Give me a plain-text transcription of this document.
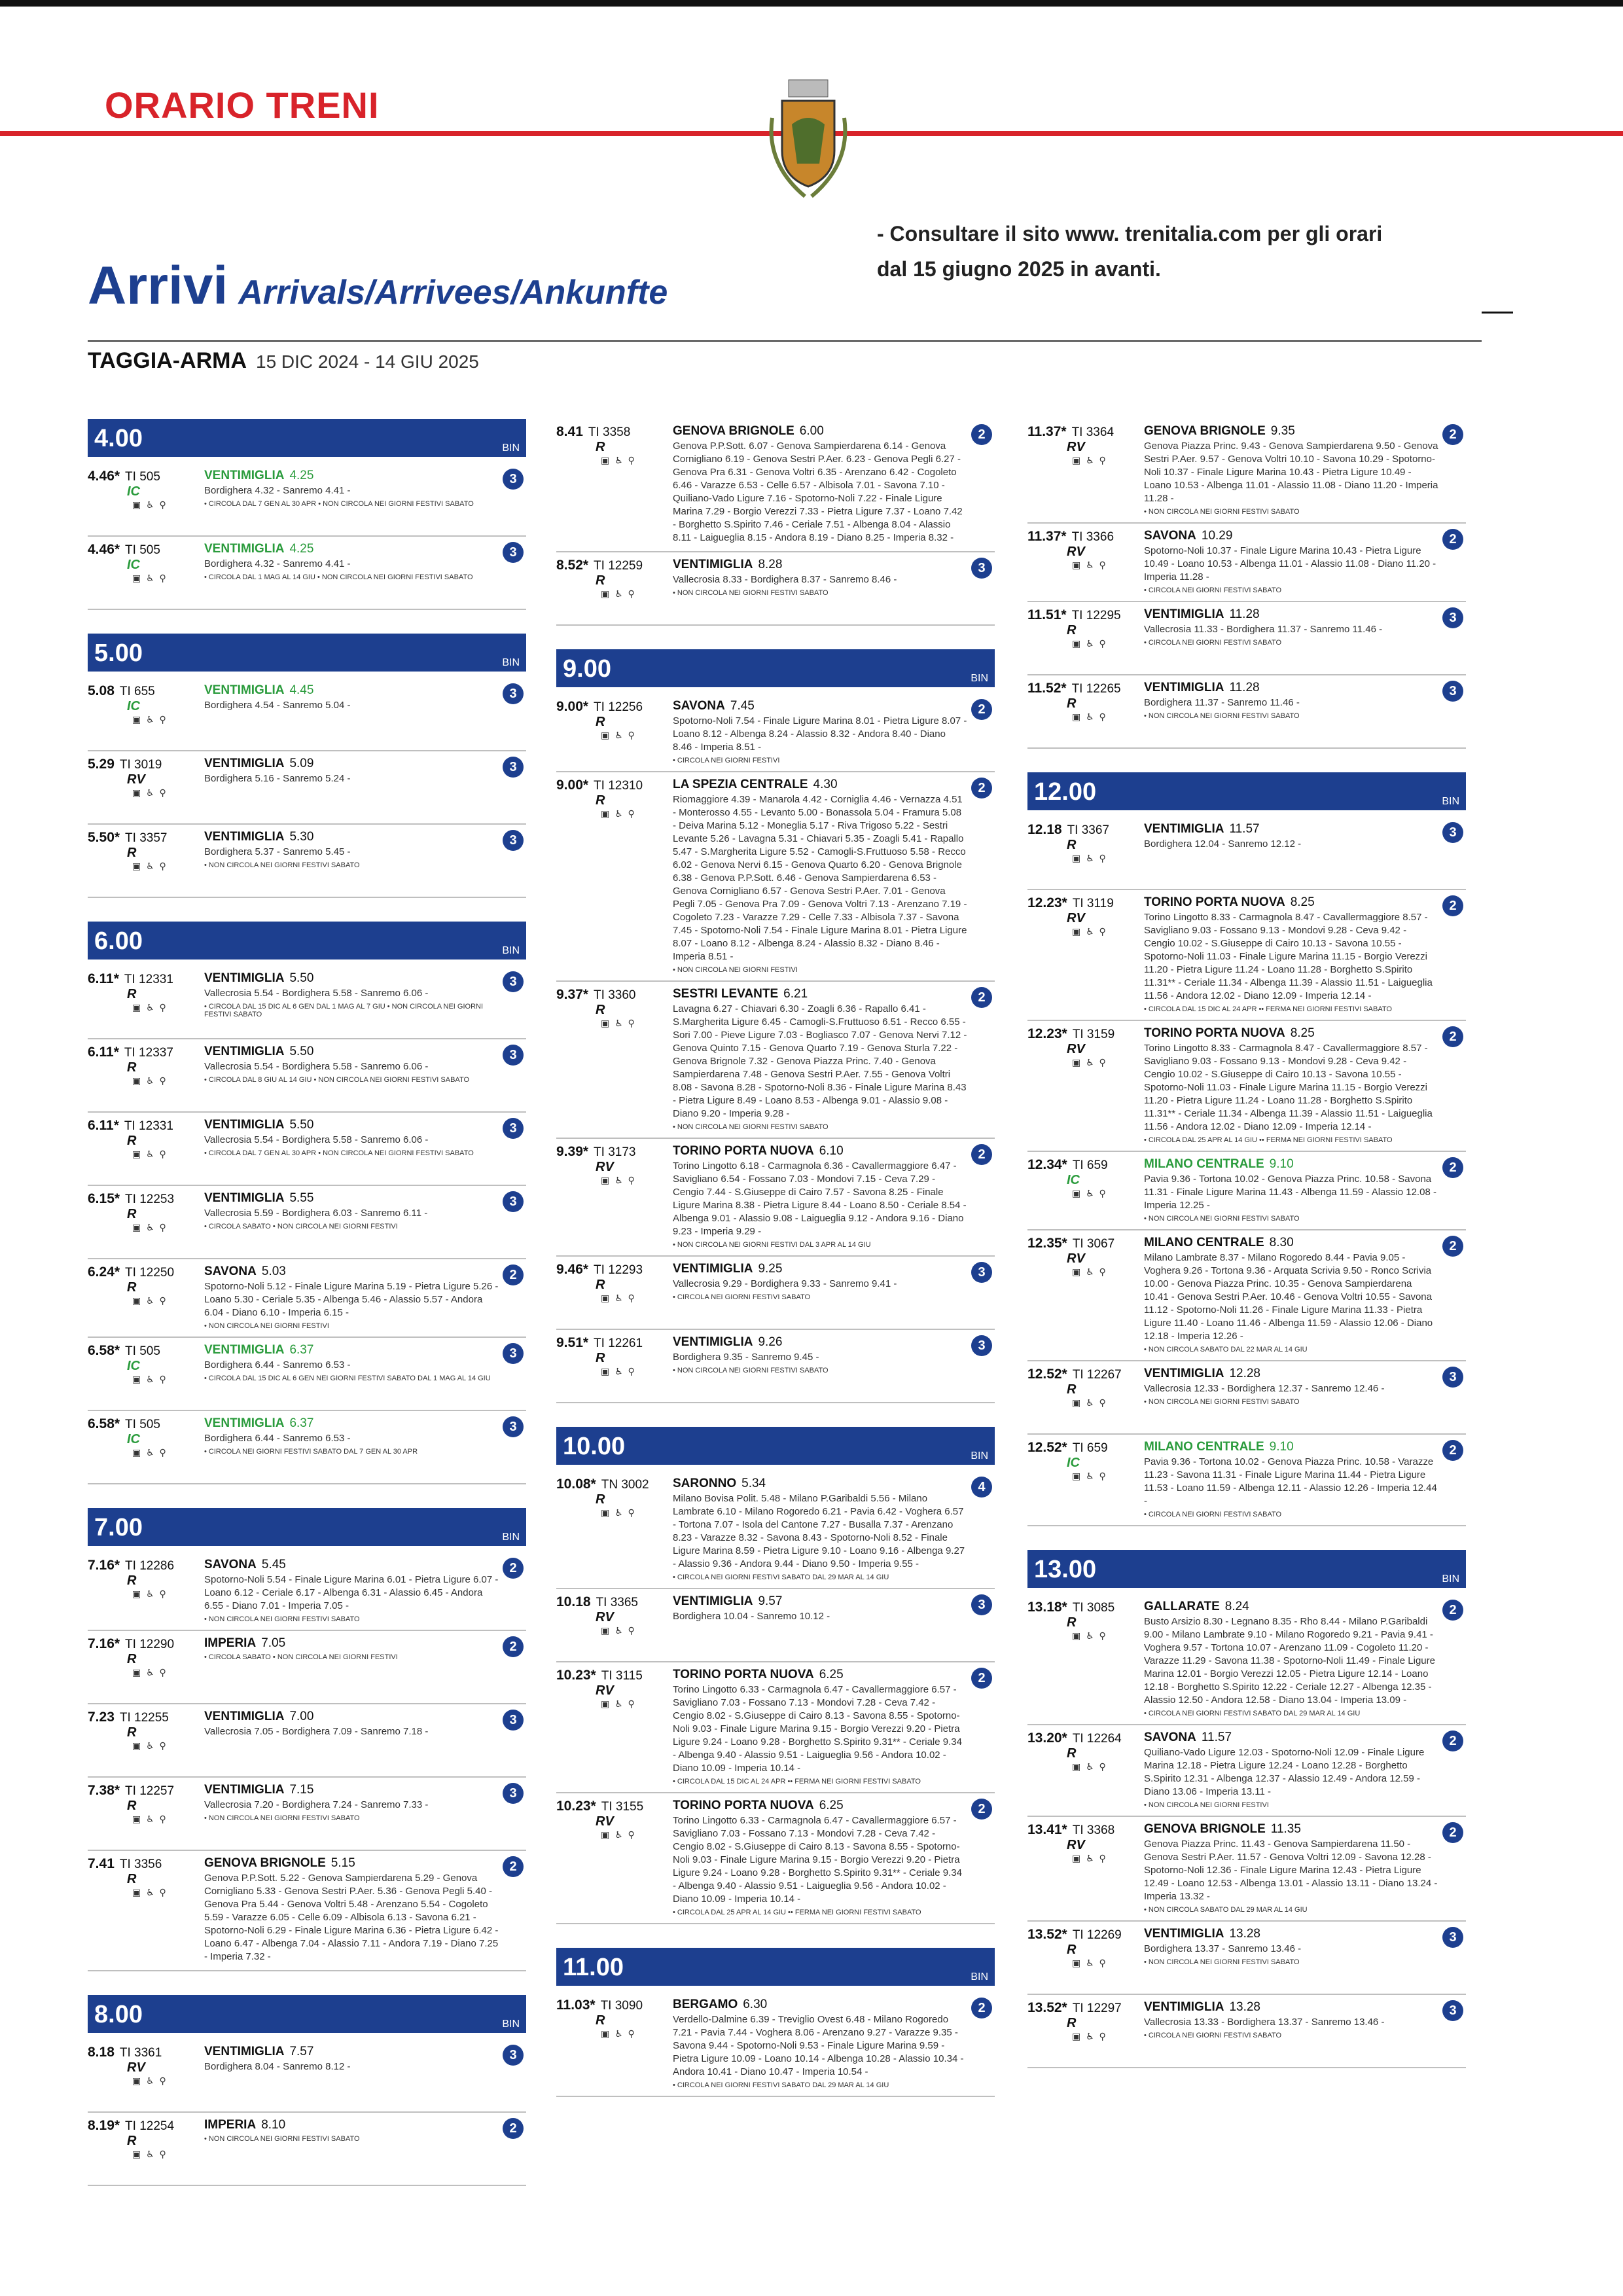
ORARIO TRENI
- Consultare il sito www. trenitalia.com per gli orari
dal 15 giugno 2025 in avanti.
Arrivi Arrivals/Arrivees/Ankunfte
TAGGIA-ARMA 15 DIC 2024 - 14 GIU 2025
4.00	BIN
4.46* TI 505
IC
▣ ♿ ⚲
VENTIMIGLIA 4.25
Bordighera 4.32 - Sanremo 4.41 -
• CIRCOLA DAL 7 GEN AL 30 APR • NON CIRCOLA NEI GIORNI FESTIVI SABATO
3
4.46* TI 505
IC
▣ ♿ ⚲
VENTIMIGLIA 4.25
Bordighera 4.32 - Sanremo 4.41 -
• CIRCOLA DAL 1 MAG AL 14 GIU • NON CIRCOLA NEI GIORNI FESTIVI SABATO
3
5.00	BIN
5.08 TI 655
IC
▣ ♿ ⚲
VENTIMIGLIA 4.45
Bordighera 4.54 - Sanremo 5.04 -
3
5.29 TI 3019
RV
▣ ♿ ⚲
VENTIMIGLIA 5.09
Bordighera 5.16 - Sanremo 5.24 -
3
5.50* TI 3357
R
▣ ♿ ⚲
VENTIMIGLIA 5.30
Bordighera 5.37 - Sanremo 5.45 -
• NON CIRCOLA NEI GIORNI FESTIVI SABATO
3
6.00	BIN
6.11* TI 12331
R
▣ ♿ ⚲
VENTIMIGLIA 5.50
Vallecrosia 5.54 - Bordighera 5.58 - Sanremo 6.06 -
• CIRCOLA DAL 15 DIC AL 6 GEN DAL 1 MAG AL 7 GIU • NON CIRCOLA NEI GIORNI FESTIVI SABATO
3
6.11* TI 12337
R
▣ ♿ ⚲
VENTIMIGLIA 5.50
Vallecrosia 5.54 - Bordighera 5.58 - Sanremo 6.06 -
• CIRCOLA DAL 8 GIU AL 14 GIU • NON CIRCOLA NEI GIORNI FESTIVI SABATO
3
6.11* TI 12331
R
▣ ♿ ⚲
VENTIMIGLIA 5.50
Vallecrosia 5.54 - Bordighera 5.58 - Sanremo 6.06 -
• CIRCOLA DAL 7 GEN AL 30 APR • NON CIRCOLA NEI GIORNI FESTIVI SABATO
3
6.15* TI 12253
R
▣ ♿ ⚲
VENTIMIGLIA 5.55
Vallecrosia 5.59 - Bordighera 6.03 - Sanremo 6.11 -
• CIRCOLA SABATO • NON CIRCOLA NEI GIORNI FESTIVI
3
6.24* TI 12250
R
▣ ♿ ⚲
SAVONA 5.03
Spotorno-Noli 5.12 - Finale Ligure Marina 5.19 - Pietra Ligure 5.26 - Loano 5.30 - Ceriale 5.35 - Albenga 5.46 - Alassio 5.57 - Andora 6.04 - Diano 6.10 - Imperia 6.15 -
• NON CIRCOLA NEI GIORNI FESTIVI
2
6.58* TI 505
IC
▣ ♿ ⚲
VENTIMIGLIA 6.37
Bordighera 6.44 - Sanremo 6.53 -
• CIRCOLA DAL 15 DIC AL 6 GEN NEI GIORNI FESTIVI SABATO DAL 1 MAG AL 14 GIU
3
6.58* TI 505
IC
▣ ♿ ⚲
VENTIMIGLIA 6.37
Bordighera 6.44 - Sanremo 6.53 -
• CIRCOLA NEI GIORNI FESTIVI SABATO DAL 7 GEN AL 30 APR
3
7.00	BIN
7.16* TI 12286
R
▣ ♿ ⚲
SAVONA 5.45
Spotorno-Noli 5.54 - Finale Ligure Marina 6.01 - Pietra Ligure 6.07 - Loano 6.12 - Ceriale 6.17 - Albenga 6.31 - Alassio 6.45 - Andora 6.55 - Diano 7.01 - Imperia 7.05 -
• NON CIRCOLA NEI GIORNI FESTIVI SABATO
2
7.16* TI 12290
R
▣ ♿ ⚲
IMPERIA 7.05
• CIRCOLA SABATO • NON CIRCOLA NEI GIORNI FESTIVI
2
7.23 TI 12255
R
▣ ♿ ⚲
VENTIMIGLIA 7.00
Vallecrosia 7.05 - Bordighera 7.09 - Sanremo 7.18 -
3
7.38* TI 12257
R
▣ ♿ ⚲
VENTIMIGLIA 7.15
Vallecrosia 7.20 - Bordighera 7.24 - Sanremo 7.33 -
• NON CIRCOLA NEI GIORNI FESTIVI SABATO
3
7.41 TI 3356
R
▣ ♿ ⚲
GENOVA BRIGNOLE 5.15
Genova P.P.Sott. 5.22 - Genova Sampierdarena 5.29 - Genova Cornigliano 5.33 - Genova Sestri P.Aer. 5.36 - Genova Pegli 5.40 - Genova Pra 5.44 - Genova Voltri 5.48 - Arenzano 5.54 - Cogoleto 5.59 - Varazze 6.05 - Celle 6.09 - Albisola 6.13 - Savona 6.21 - Spotorno-Noli 6.29 - Finale Ligure Marina 6.36 - Pietra Ligure 6.42 - Loano 6.47 - Albenga 7.04 - Alassio 7.11 - Andora 7.19 - Diano 7.25 - Imperia 7.32 -
2
8.00	BIN
8.18 TI 3361
RV
▣ ♿ ⚲
VENTIMIGLIA 7.57
Bordighera 8.04 - Sanremo 8.12 -
3
8.19* TI 12254
R
▣ ♿ ⚲
IMPERIA 8.10
• NON CIRCOLA NEI GIORNI FESTIVI SABATO
2
8.41 TI 3358
R
▣ ♿ ⚲
GENOVA BRIGNOLE 6.00
Genova P.P.Sott. 6.07 - Genova Sampierdarena 6.14 - Genova Cornigliano 6.19 - Genova Sestri P.Aer. 6.23 - Genova Pegli 6.27 - Genova Pra 6.31 - Genova Voltri 6.35 - Arenzano 6.42 - Cogoleto 6.46 - Varazze 6.53 - Celle 6.57 - Albisola 7.01 - Savona 7.10 - Quiliano-Vado Ligure 7.16 - Spotorno-Noli 7.22 - Finale Ligure Marina 7.29 - Borgio Verezzi 7.33 - Pietra Ligure 7.37 - Loano 7.42 - Borghetto S.Spirito 7.46 - Ceriale 7.51 - Albenga 8.04 - Alassio 8.11 - Laigueglia 8.15 - Andora 8.19 - Diano 8.25 - Imperia 8.32 -
2
8.52* TI 12259
R
▣ ♿ ⚲
VENTIMIGLIA 8.28
Vallecrosia 8.33 - Bordighera 8.37 - Sanremo 8.46 -
• NON CIRCOLA NEI GIORNI FESTIVI SABATO
3
9.00	BIN
9.00* TI 12256
R
▣ ♿ ⚲
SAVONA 7.45
Spotorno-Noli 7.54 - Finale Ligure Marina 8.01 - Pietra Ligure 8.07 - Loano 8.12 - Albenga 8.24 - Alassio 8.32 - Andora 8.40 - Diano 8.46 - Imperia 8.51 -
• CIRCOLA NEI GIORNI FESTIVI
2
9.00* TI 12310
R
▣ ♿ ⚲
LA SPEZIA CENTRALE 4.30
Riomaggiore 4.39 - Manarola 4.42 - Corniglia 4.46 - Vernazza 4.51 - Monterosso 4.55 - Levanto 5.00 - Bonassola 5.04 - Framura 5.08 - Deiva Marina 5.12 - Moneglia 5.17 - Riva Trigoso 5.22 - Sestri Levante 5.26 - Lavagna 5.31 - Chiavari 5.35 - Zoagli 5.41 - Rapallo 5.47 - S.Margherita Ligure 5.52 - Camogli-S.Fruttuoso 5.58 - Recco 6.02 - Genova Nervi 6.15 - Genova Quarto 6.20 - Genova Brignole 6.38 - Genova P.P.Sott. 6.46 - Genova Sampierdarena 6.53 - Genova Cornigliano 6.57 - Genova Sestri P.Aer. 7.01 - Genova Pegli 7.05 - Genova Pra 7.09 - Genova Voltri 7.13 - Arenzano 7.19 - Cogoleto 7.23 - Varazze 7.29 - Celle 7.33 - Albisola 7.37 - Savona 7.45 - Spotorno-Noli 7.54 - Finale Ligure Marina 8.01 - Pietra Ligure 8.07 - Loano 8.12 - Albenga 8.24 - Alassio 8.32 - Diano 8.46 - Imperia 8.51 -
• NON CIRCOLA NEI GIORNI FESTIVI
2
9.37* TI 3360
R
▣ ♿ ⚲
SESTRI LEVANTE 6.21
Lavagna 6.27 - Chiavari 6.30 - Zoagli 6.36 - Rapallo 6.41 - S.Margherita Ligure 6.45 - Camogli-S.Fruttuoso 6.51 - Recco 6.55 - Sori 7.00 - Pieve Ligure 7.03 - Bogliasco 7.07 - Genova Nervi 7.12 - Genova Quinto 7.15 - Genova Quarto 7.19 - Genova Sturla 7.22 - Genova Brignole 7.32 - Genova Piazza Princ. 7.40 - Genova Sampierdarena 7.48 - Genova Sestri P.Aer. 7.55 - Genova Voltri 8.08 - Savona 8.28 - Spotorno-Noli 8.36 - Finale Ligure Marina 8.43 - Pietra Ligure 8.49 - Loano 8.53 - Albenga 9.01 - Alassio 9.08 - Diano 9.20 - Imperia 9.28 -
• NON CIRCOLA NEI GIORNI FESTIVI SABATO
2
9.39* TI 3173
RV
▣ ♿ ⚲
TORINO PORTA NUOVA 6.10
Torino Lingotto 6.18 - Carmagnola 6.36 - Cavallermaggiore 6.47 - Savigliano 6.54 - Fossano 7.03 - Mondovi 7.15 - Ceva 7.29 - Cengio 7.44 - S.Giuseppe di Cairo 7.57 - Savona 8.25 - Finale Ligure Marina 8.38 - Pietra Ligure 8.44 - Loano 8.50 - Ceriale 8.54 - Albenga 9.01 - Alassio 9.08 - Laigueglia 9.12 - Andora 9.16 - Diano 9.23 - Imperia 9.29 -
• NON CIRCOLA NEI GIORNI FESTIVI DAL 3 APR AL 14 GIU
2
9.46* TI 12293
R
▣ ♿ ⚲
VENTIMIGLIA 9.25
Vallecrosia 9.29 - Bordighera 9.33 - Sanremo 9.41 -
• CIRCOLA NEI GIORNI FESTIVI SABATO
3
9.51* TI 12261
R
▣ ♿ ⚲
VENTIMIGLIA 9.26
Bordighera 9.35 - Sanremo 9.45 -
• NON CIRCOLA NEI GIORNI FESTIVI SABATO
3
10.00	BIN
10.08* TN 3002
R
▣ ♿ ⚲
SARONNO 5.34
Milano Bovisa Polit. 5.48 - Milano P.Garibaldi 5.56 - Milano Lambrate 6.10 - Milano Rogoredo 6.21 - Pavia 6.42 - Voghera 6.57 - Tortona 7.07 - Isola del Cantone 7.27 - Busalla 7.37 - Arenzano 8.23 - Varazze 8.32 - Savona 8.43 - Spotorno-Noli 8.52 - Finale Ligure Marina 8.59 - Pietra Ligure 9.10 - Loano 9.16 - Albenga 9.27 - Alassio 9.36 - Andora 9.44 - Diano 9.50 - Imperia 9.55 -
• CIRCOLA NEI GIORNI FESTIVI SABATO DAL 29 MAR AL 14 GIU
4
10.18 TI 3365
RV
▣ ♿ ⚲
VENTIMIGLIA 9.57
Bordighera 10.04 - Sanremo 10.12 -
3
10.23* TI 3115
RV
▣ ♿ ⚲
TORINO PORTA NUOVA 6.25
Torino Lingotto 6.33 - Carmagnola 6.47 - Cavallermaggiore 6.57 - Savigliano 7.03 - Fossano 7.13 - Mondovi 7.28 - Ceva 7.42 - Cengio 8.02 - S.Giuseppe di Cairo 8.13 - Savona 8.55 - Spotorno-Noli 9.03 - Finale Ligure Marina 9.15 - Borgio Verezzi 9.20 - Pietra Ligure 9.24 - Loano 9.28 - Borghetto S.Spirito 9.31** - Ceriale 9.34 - Albenga 9.40 - Alassio 9.51 - Laigueglia 9.56 - Andora 10.02 - Diano 10.09 - Imperia 10.14 -
• CIRCOLA DAL 15 DIC AL 24 APR •• FERMA NEI GIORNI FESTIVI SABATO
2
10.23* TI 3155
RV
▣ ♿ ⚲
TORINO PORTA NUOVA 6.25
Torino Lingotto 6.33 - Carmagnola 6.47 - Cavallermaggiore 6.57 - Savigliano 7.03 - Fossano 7.13 - Mondovi 7.28 - Ceva 7.42 - Cengio 8.02 - S.Giuseppe di Cairo 8.13 - Savona 8.55 - Spotorno-Noli 9.03 - Finale Ligure Marina 9.15 - Borgio Verezzi 9.20 - Pietra Ligure 9.24 - Loano 9.28 - Borghetto S.Spirito 9.31** - Ceriale 9.34 - Albenga 9.40 - Alassio 9.51 - Laigueglia 9.56 - Andora 10.02 - Diano 10.09 - Imperia 10.14 -
• CIRCOLA DAL 25 APR AL 14 GIU •• FERMA NEI GIORNI FESTIVI SABATO
2
11.00	BIN
11.03* TI 3090
R
▣ ♿ ⚲
BERGAMO 6.30
Verdello-Dalmine 6.39 - Treviglio Ovest 6.48 - Milano Rogoredo 7.21 - Pavia 7.44 - Voghera 8.06 - Arenzano 9.27 - Varazze 9.35 - Savona 9.44 - Spotorno-Noli 9.53 - Finale Ligure Marina 9.59 - Pietra Ligure 10.09 - Loano 10.14 - Albenga 10.28 - Alassio 10.34 - Andora 10.41 - Diano 10.47 - Imperia 10.54 -
• CIRCOLA NEI GIORNI FESTIVI SABATO DAL 29 MAR AL 14 GIU
2
11.37* TI 3364
RV
▣ ♿ ⚲
GENOVA BRIGNOLE 9.35
Genova Piazza Princ. 9.43 - Genova Sampierdarena 9.50 - Genova Sestri P.Aer. 9.57 - Genova Voltri 10.10 - Savona 10.29 - Spotorno-Noli 10.37 - Finale Ligure Marina 10.43 - Pietra Ligure 10.49 - Loano 10.53 - Albenga 11.01 - Alassio 11.08 - Diano 11.20 - Imperia 11.28 -
• NON CIRCOLA NEI GIORNI FESTIVI SABATO
2
11.37* TI 3366
RV
▣ ♿ ⚲
SAVONA 10.29
Spotorno-Noli 10.37 - Finale Ligure Marina 10.43 - Pietra Ligure 10.49 - Loano 10.53 - Albenga 11.01 - Alassio 11.08 - Diano 11.20 - Imperia 11.28 -
• CIRCOLA NEI GIORNI FESTIVI SABATO
2
11.51* TI 12295
R
▣ ♿ ⚲
VENTIMIGLIA 11.28
Vallecrosia 11.33 - Bordighera 11.37 - Sanremo 11.46 -
• CIRCOLA NEI GIORNI FESTIVI SABATO
3
11.52* TI 12265
R
▣ ♿ ⚲
VENTIMIGLIA 11.28
Bordighera 11.37 - Sanremo 11.46 -
• NON CIRCOLA NEI GIORNI FESTIVI SABATO
3
12.00	BIN
12.18 TI 3367
R
▣ ♿ ⚲
VENTIMIGLIA 11.57
Bordighera 12.04 - Sanremo 12.12 -
3
12.23* TI 3119
RV
▣ ♿ ⚲
TORINO PORTA NUOVA 8.25
Torino Lingotto 8.33 - Carmagnola 8.47 - Cavallermaggiore 8.57 - Savigliano 9.03 - Fossano 9.13 - Mondovi 9.28 - Ceva 9.42 - Cengio 10.02 - S.Giuseppe di Cairo 10.13 - Savona 10.55 - Spotorno-Noli 11.03 - Finale Ligure Marina 11.15 - Borgio Verezzi 11.20 - Pietra Ligure 11.24 - Loano 11.28 - Borghetto S.Spirito 11.31** - Ceriale 11.34 - Albenga 11.39 - Alassio 11.51 - Laigueglia 11.56 - Andora 12.02 - Diano 12.09 - Imperia 12.14 -
• CIRCOLA DAL 15 DIC AL 24 APR •• FERMA NEI GIORNI FESTIVI SABATO
2
12.23* TI 3159
RV
▣ ♿ ⚲
TORINO PORTA NUOVA 8.25
Torino Lingotto 8.33 - Carmagnola 8.47 - Cavallermaggiore 8.57 - Savigliano 9.03 - Fossano 9.13 - Mondovi 9.28 - Ceva 9.42 - Cengio 10.02 - S.Giuseppe di Cairo 10.13 - Savona 10.55 - Spotorno-Noli 11.03 - Finale Ligure Marina 11.15 - Borgio Verezzi 11.20 - Pietra Ligure 11.24 - Loano 11.28 - Borghetto S.Spirito 11.31** - Ceriale 11.34 - Albenga 11.39 - Alassio 11.51 - Laigueglia 11.56 - Andora 12.02 - Diano 12.09 - Imperia 12.14 -
• CIRCOLA DAL 25 APR AL 14 GIU •• FERMA NEI GIORNI FESTIVI SABATO
2
12.34* TI 659
IC
▣ ♿ ⚲
MILANO CENTRALE 9.10
Pavia 9.36 - Tortona 10.02 - Genova Piazza Princ. 10.58 - Savona 11.31 - Finale Ligure Marina 11.43 - Albenga 11.59 - Alassio 12.08 - Imperia 12.25 -
• NON CIRCOLA NEI GIORNI FESTIVI SABATO
2
12.35* TI 3067
RV
▣ ♿ ⚲
MILANO CENTRALE 8.30
Milano Lambrate 8.37 - Milano Rogoredo 8.44 - Pavia 9.05 - Voghera 9.26 - Tortona 9.36 - Arquata Scrivia 9.50 - Ronco Scrivia 10.00 - Genova Piazza Princ. 10.35 - Genova Sampierdarena 10.41 - Genova Sestri P.Aer. 10.46 - Genova Voltri 10.55 - Savona 11.12 - Spotorno-Noli 11.26 - Finale Ligure Marina 11.33 - Pietra Ligure 11.40 - Loano 11.46 - Albenga 11.59 - Alassio 12.06 - Diano 12.18 - Imperia 12.26 -
• NON CIRCOLA SABATO DAL 22 MAR AL 14 GIU
2
12.52* TI 12267
R
▣ ♿ ⚲
VENTIMIGLIA 12.28
Vallecrosia 12.33 - Bordighera 12.37 - Sanremo 12.46 -
• NON CIRCOLA NEI GIORNI FESTIVI SABATO
3
12.52* TI 659
IC
▣ ♿ ⚲
MILANO CENTRALE 9.10
Pavia 9.36 - Tortona 10.02 - Genova Piazza Princ. 10.58 - Varazze 11.23 - Savona 11.31 - Finale Ligure Marina 11.44 - Pietra Ligure 11.53 - Loano 11.59 - Albenga 12.11 - Alassio 12.26 - Imperia 12.44 -
• CIRCOLA NEI GIORNI FESTIVI SABATO
2
13.00	BIN
13.18* TI 3085
R
▣ ♿ ⚲
GALLARATE 8.24
Busto Arsizio 8.30 - Legnano 8.35 - Rho 8.44 - Milano P.Garibaldi 9.00 - Milano Lambrate 9.10 - Milano Rogoredo 9.21 - Pavia 9.41 - Voghera 9.57 - Tortona 10.07 - Arenzano 11.09 - Cogoleto 11.20 - Varazze 11.29 - Savona 11.38 - Spotorno-Noli 11.49 - Finale Ligure Marina 12.01 - Borgio Verezzi 12.05 - Pietra Ligure 12.14 - Loano 12.18 - Borghetto S.Spirito 12.22 - Ceriale 12.27 - Albenga 12.35 - Alassio 12.50 - Andora 12.58 - Diano 13.04 - Imperia 13.09 -
• CIRCOLA NEI GIORNI FESTIVI SABATO DAL 29 MAR AL 14 GIU
2
13.20* TI 12264
R
▣ ♿ ⚲
SAVONA 11.57
Quiliano-Vado Ligure 12.03 - Spotorno-Noli 12.09 - Finale Ligure Marina 12.18 - Pietra Ligure 12.24 - Loano 12.28 - Borghetto S.Spirito 12.31 - Albenga 12.37 - Alassio 12.49 - Andora 12.59 - Diano 13.06 - Imperia 13.11 -
• NON CIRCOLA NEI GIORNI FESTIVI
2
13.41* TI 3368
RV
▣ ♿ ⚲
GENOVA BRIGNOLE 11.35
Genova Piazza Princ. 11.43 - Genova Sampierdarena 11.50 - Genova Sestri P.Aer. 11.57 - Genova Voltri 12.09 - Savona 12.28 - Spotorno-Noli 12.36 - Finale Ligure Marina 12.43 - Pietra Ligure 12.49 - Loano 12.53 - Albenga 13.01 - Alassio 13.11 - Diano 13.24 - Imperia 13.32 -
• NON CIRCOLA SABATO DAL 29 MAR AL 14 GIU
2
13.52* TI 12269
R
▣ ♿ ⚲
VENTIMIGLIA 13.28
Bordighera 13.37 - Sanremo 13.46 -
• NON CIRCOLA NEI GIORNI FESTIVI SABATO
3
13.52* TI 12297
R
▣ ♿ ⚲
VENTIMIGLIA 13.28
Vallecrosia 13.33 - Bordighera 13.37 - Sanremo 13.46 -
• CIRCOLA NEI GIORNI FESTIVI SABATO
3
